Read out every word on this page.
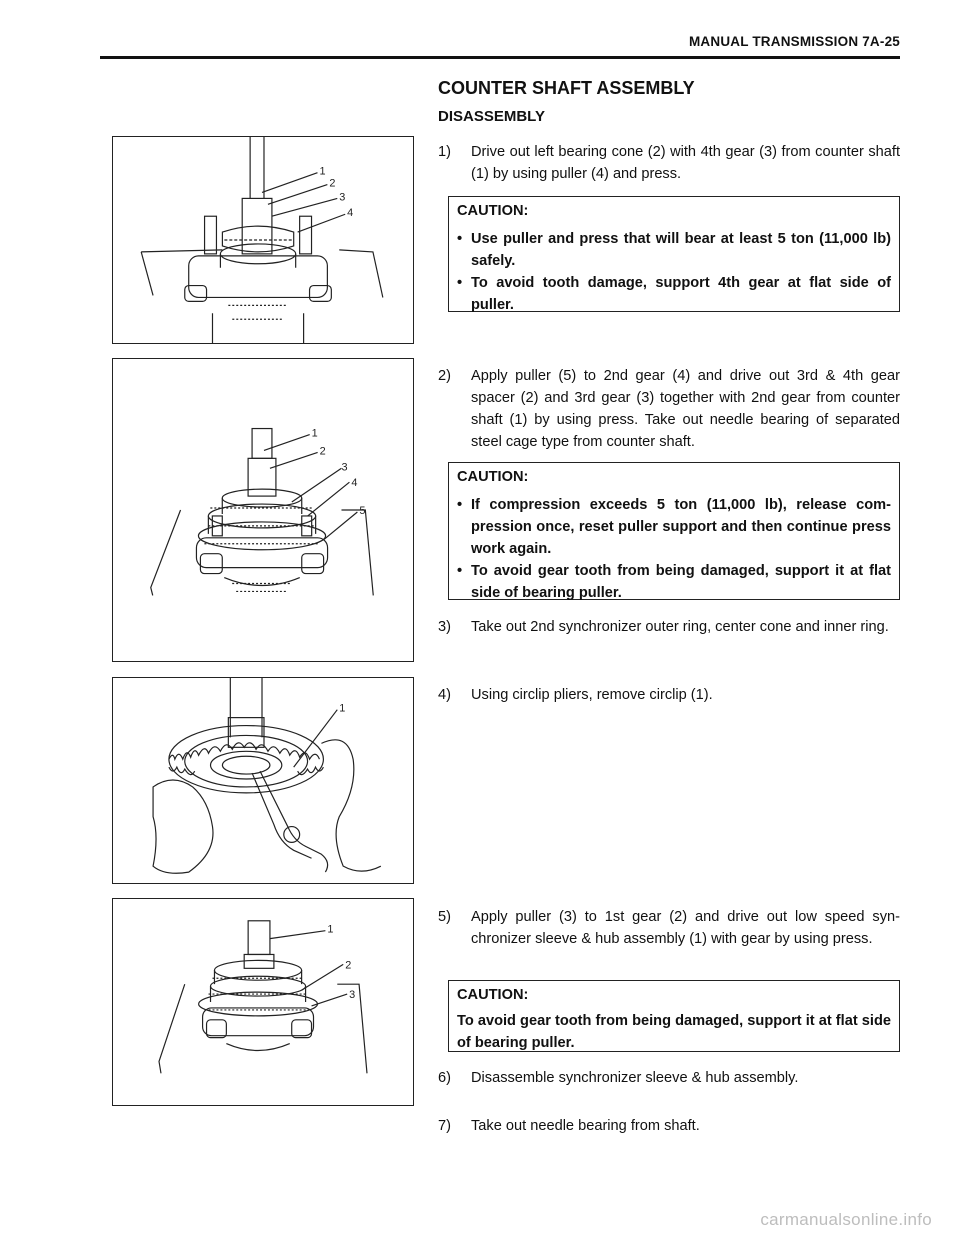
MANUAL TRANSMISSION 7A-25
COUNTER SHAFT ASSEMBLY
DISASSEMBLY
1
2
3
4
1) Drive out left bearing cone (2) with 4th gear (3) from counter shaft (1) by using puller (4) and press.
CAUTION:
• Use puller and press that will bear at least 5 ton (11,000 lb) safely.
• To avoid tooth damage, support 4th gear at flat side of puller.
1
2
3
4
5
2) Apply puller (5) to 2nd gear (4) and drive out 3rd & 4th gear spacer (2) and 3rd gear (3) together with 2nd gear from counter shaft (1) by using press. Take out needle bearing of separated steel cage type from counter shaft.
CAUTION:
• If compression exceeds 5 ton (11,000 lb), release com-pression once, reset puller support and then continue press work again.
• To avoid gear tooth from being damaged, support it at flat side of bearing puller.
3) Take out 2nd synchronizer outer ring, center cone and inner ring.
1
4) Using circlip pliers, remove circlip (1).
1
2
3
5) Apply puller (3) to 1st gear (2) and drive out low speed syn-chronizer sleeve & hub assembly (1) with gear by using press.
CAUTION:
To avoid gear tooth from being damaged, support it at flat side of bearing puller.
6) Disassemble synchronizer sleeve & hub assembly.
7) Take out needle bearing from shaft.
carmanualsonline.info
